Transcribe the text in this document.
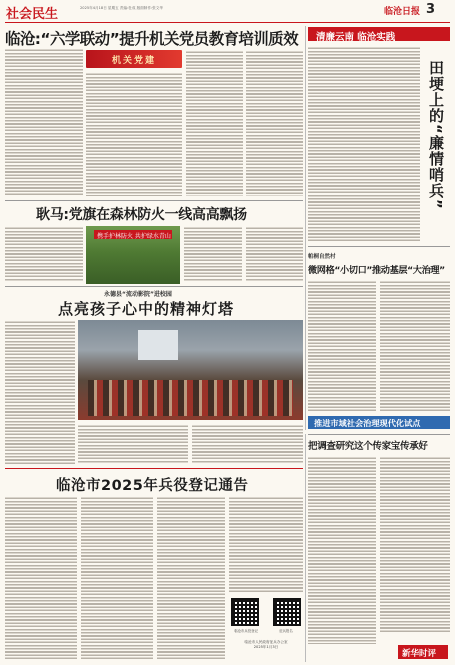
社会民生	2025年4月18日 星期五 责编:杜成 版面制作:张文华	临沧日报 3
临沧:“六学联动”提升机关党员教育培训质效
机关党建
清廉云南 临沧实践
田埂上的“廉情哨兵”
帕桐自然村
微网格“小切口”推动基层“大治理”
推进市域社会治理现代化试点
耿马:党旗在森林防火一线高高飘扬
携手护林防火 共护绿水青山
永德县“流动影院”进校园
点亮孩子心中的精神灯塔
把调查研究这个传家宝传承好
新华时评
临沧市2025年兵役登记通告
临沧市兵役登记	征兵报名
临沧市人民政府征兵办公室
2025年1月3日
